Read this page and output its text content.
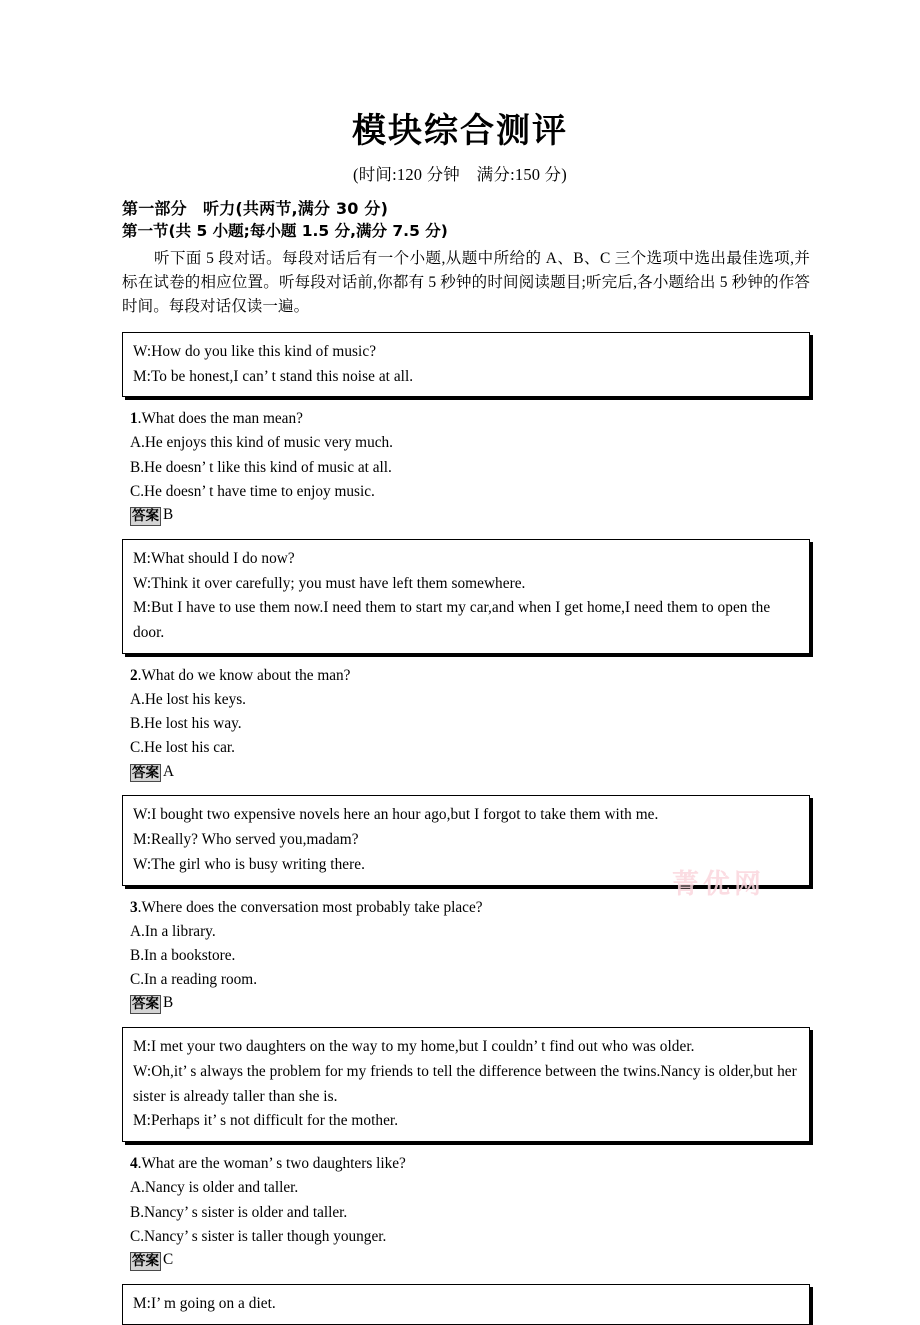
菁优网
模块综合测评

(时间:120 分钟　满分:150 分)

第一部分　听力(共两节,满分 30 分)

第一节(共 5 小题;每小题 1.5 分,满分 7.5 分)

听下面 5 段对话。每段对话后有一个小题,从题中所给的 A、B、C 三个选项中选出最佳选项,并标在试卷的相应位置。听每段对话前,你都有 5 秒钟的时间阅读题目;听完后,各小题给出 5 秒钟的作答时间。每段对话仅读一遍。

W:How do you like this kind of music?

M:To be honest,I can’ t stand this noise at all.

1.What does the man mean?

A.He enjoys this kind of music very much.

B.He doesn’ t like this kind of music at all.

C.He doesn’ t have time to enjoy music.

答案 B

M:What should I do now?

W:Think it over carefully; you must have left them somewhere.

M:But I have to use them now.I need them to start my car,and when I get home,I need them to open the door.

2.What do we know about the man?

A.He lost his keys.

B.He lost his way.

C.He lost his car.

答案 A

W:I bought two expensive novels here an hour ago,but I forgot to take them with me.

M:Really? Who served you,madam?

W:The girl who is busy writing there.

3.Where does the conversation most probably take place?

A.In a library.

B.In a bookstore.

C.In a reading room.

答案 B

M:I met your two daughters on the way to my home,but I couldn’ t find out who was older.

W:Oh,it’ s always the problem for my friends to tell the difference between the twins.Nancy is older,but her sister is already taller than she is.

M:Perhaps it’ s not difficult for the mother.

4.What are the woman’ s two daughters like?

A.Nancy is older and taller.

B.Nancy’ s sister is older and taller.

C.Nancy’ s sister is taller though younger.

答案 C

M:I’ m going on a diet.
